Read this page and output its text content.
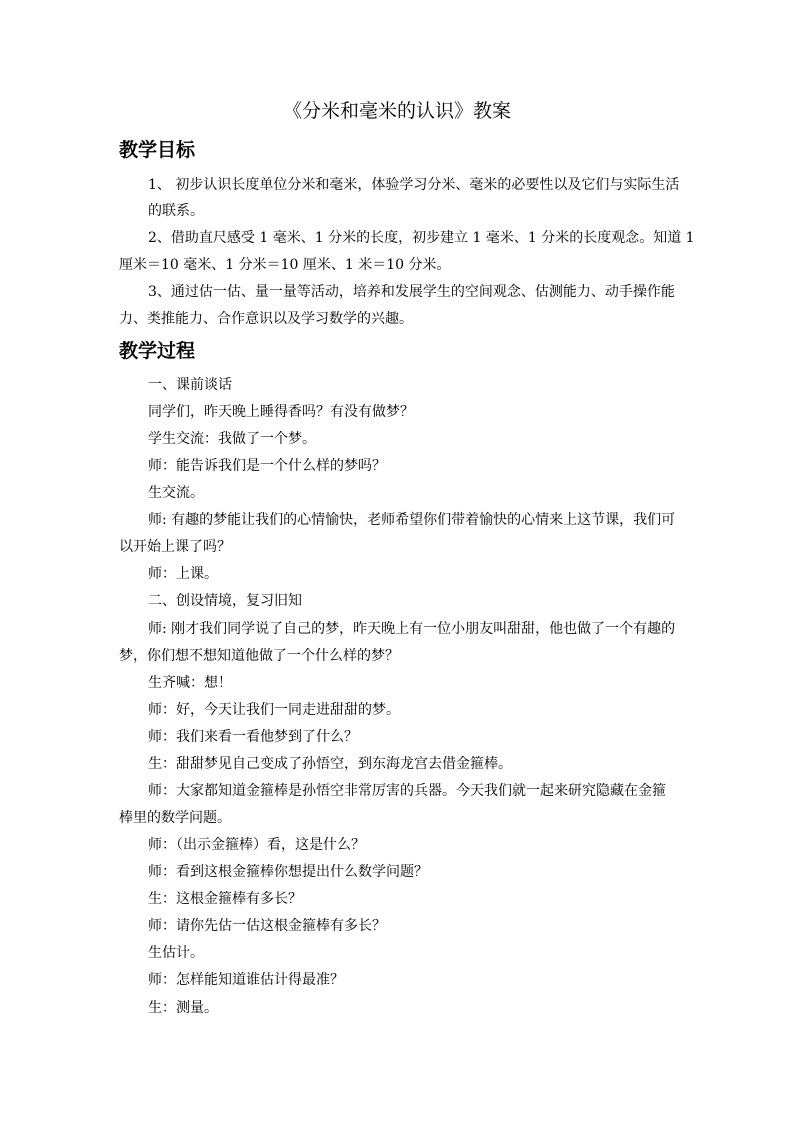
《分米和毫米的认识》教案
教学目标
1、 初步认识长度单位分米和毫米，体验学习分米、毫米的必要性以及它们与实际生活
的联系。
2、借助直尺感受 1 毫米、1 分米的长度，初步建立 1 毫米、1 分米的长度观念。知道 1
厘米＝10 毫米、1 分米＝10 厘米、1 米＝10 分米。
3、通过估一估、量一量等活动，培养和发展学生的空间观念、估测能力、动手操作能
力、类推能力、合作意识以及学习数学的兴趣。
教学过程
一、课前谈话
同学们，昨天晚上睡得香吗？有没有做梦？
学生交流：我做了一个梦。
师：能告诉我们是一个什么样的梦吗？
生交流。
师: 有趣的梦能让我们的心情愉快，老师希望你们带着愉快的心情来上这节课，我们可
以开始上课了吗？
师：上课。
二、创设情境，复习旧知
师: 刚才我们同学说了自己的梦，昨天晚上有一位小朋友叫甜甜，他也做了一个有趣的
梦，你们想不想知道他做了一个什么样的梦？
生齐喊：想！
师：好，今天让我们一同走进甜甜的梦。
师：我们来看一看他梦到了什么？
生：甜甜梦见自己变成了孙悟空，到东海龙宫去借金箍棒。
师：大家都知道金箍棒是孙悟空非常厉害的兵器。今天我们就一起来研究隐藏在金箍
棒里的数学问题。
师：（出示金箍棒）看，这是什么？
师：看到这根金箍棒你想提出什么数学问题？
生：这根金箍棒有多长？
师：请你先估一估这根金箍棒有多长？
生估计。
师：怎样能知道谁估计得最准？
生：测量。
